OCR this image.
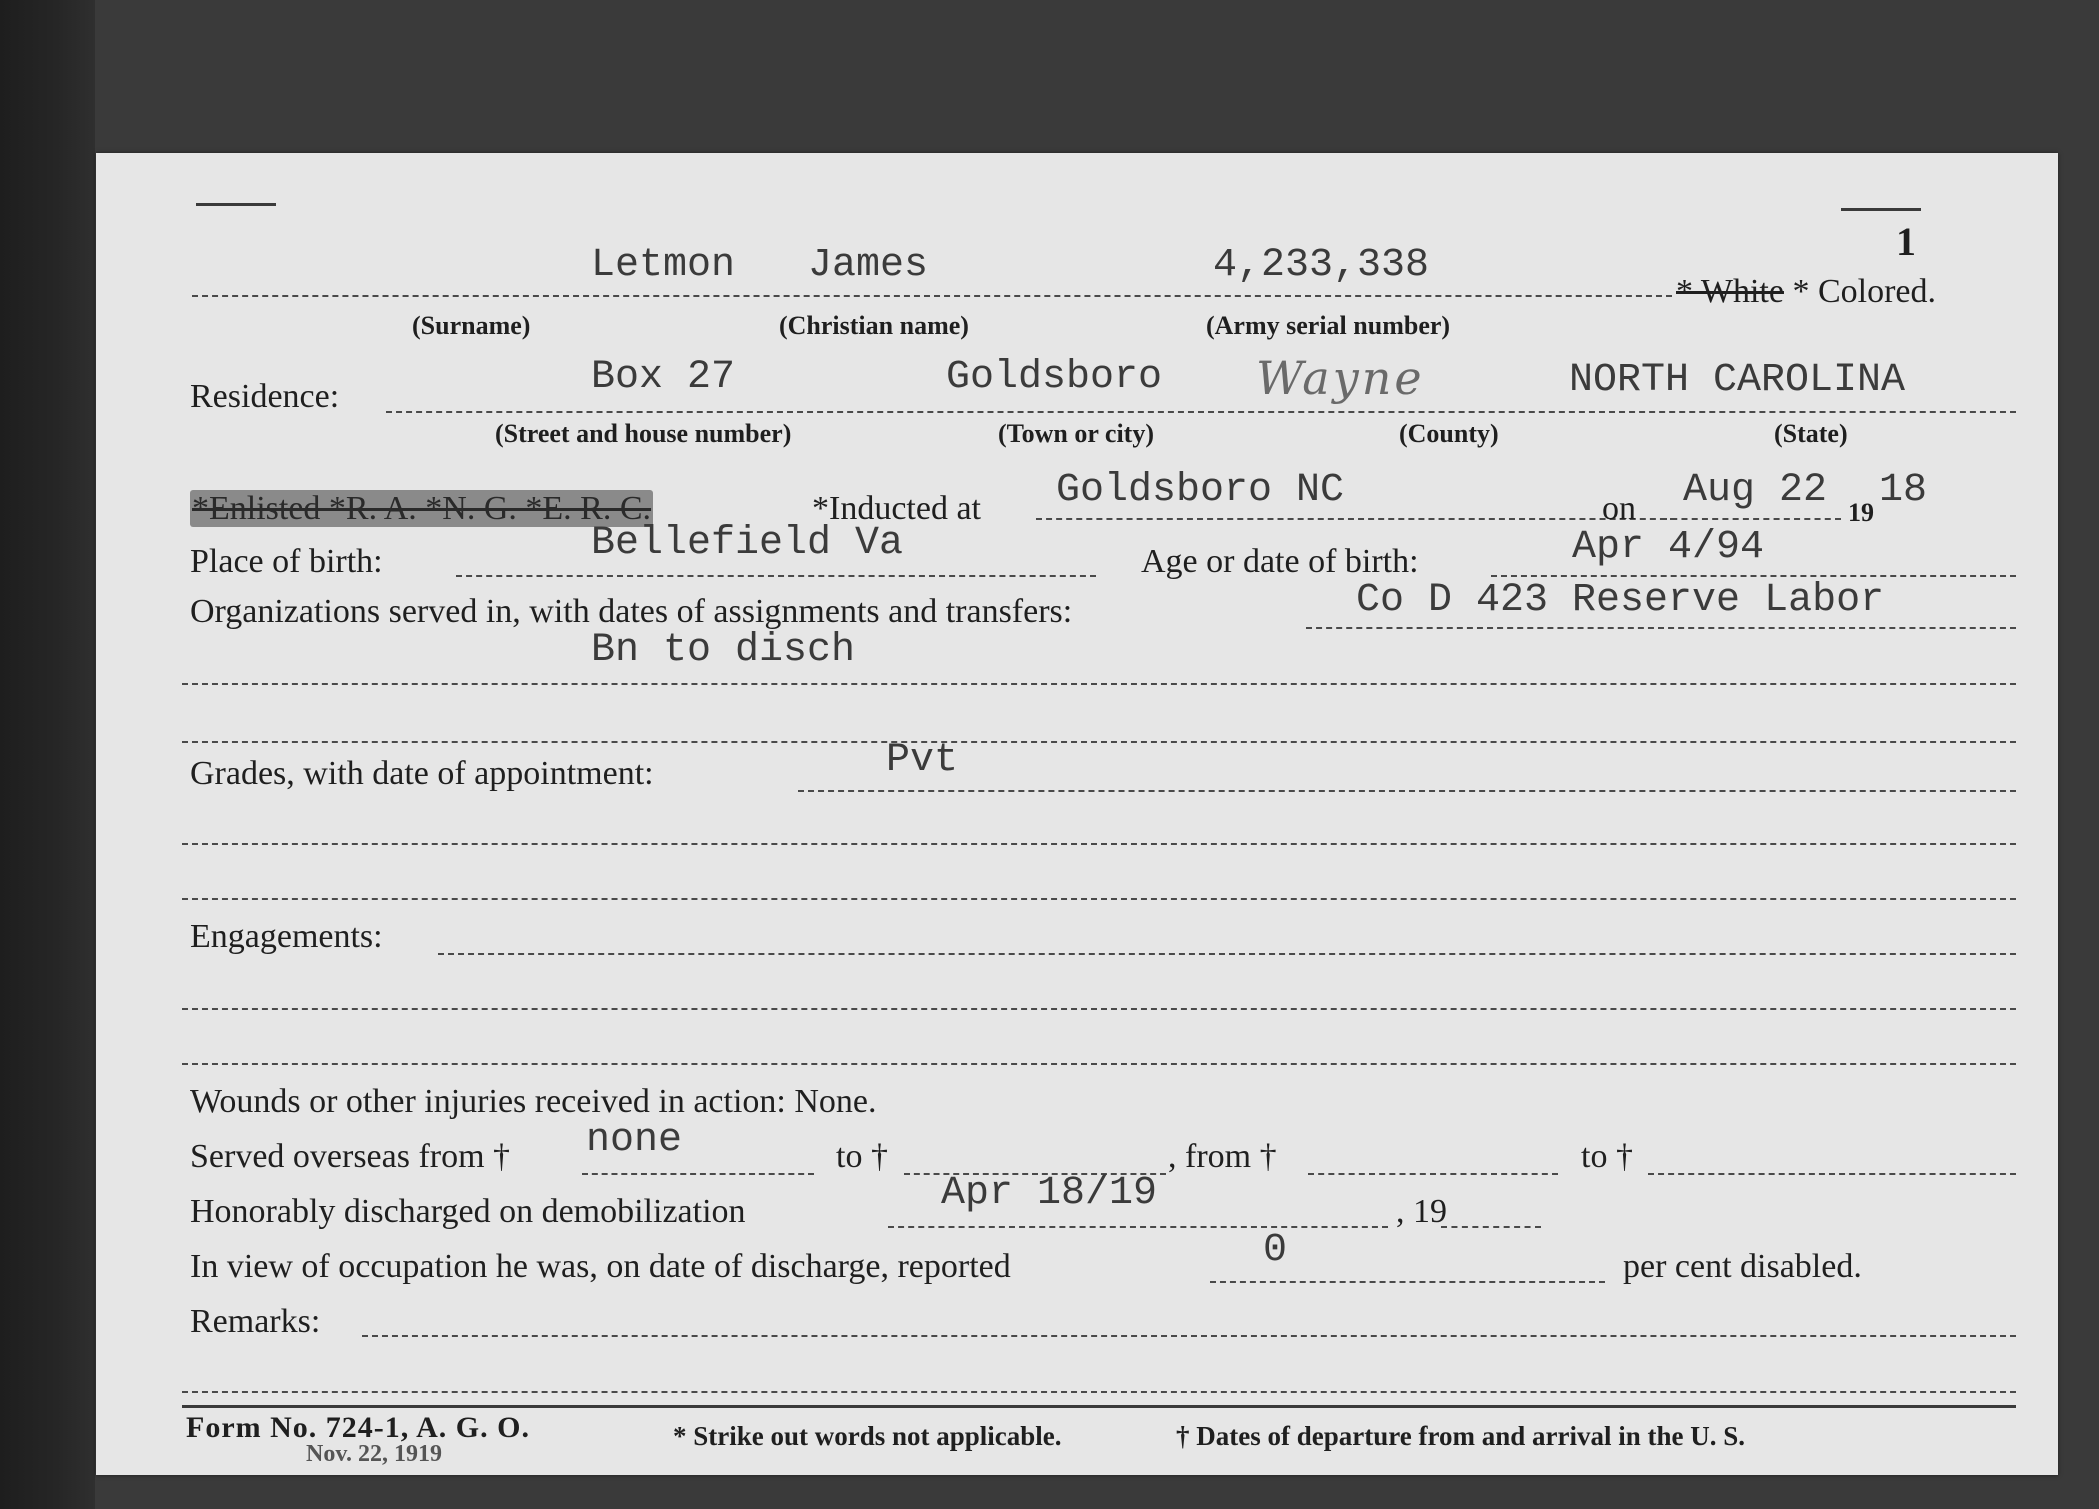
1
Letmon James	4,233,338
* White * Colored.
(Surname)	(Christian name)	(Army serial number)
Residence:	Box 27	Goldsboro Wayne	NORTH CAROLINA
(Street and house number)	(Town or city)	(County)	(State)
*Enlisted *R. A. *N. G. *E. R. C.	*Inducted at Goldsboro NC	on Aug 22 19 18
Place of birth:	Bellefield Va	Age or date of birth:	Apr 4/94
Organizations served in, with dates of assignments and transfers:	Co D 423 Reserve Labor
Bn to disch
Grades, with date of appointment:	Pvt
Engagements:
Wounds or other injuries received in action: None.
Served overseas from † none	to †	, from †	to †
Honorably discharged on demobilization	Apr 18/19	, 19
In view of occupation he was, on date of discharge, reported	0	per cent disabled.
Remarks:
Form No. 724-1, A. G. O.
Nov. 22, 1919
* Strike out words not applicable.	† Dates of departure from and arrival in the U. S.
